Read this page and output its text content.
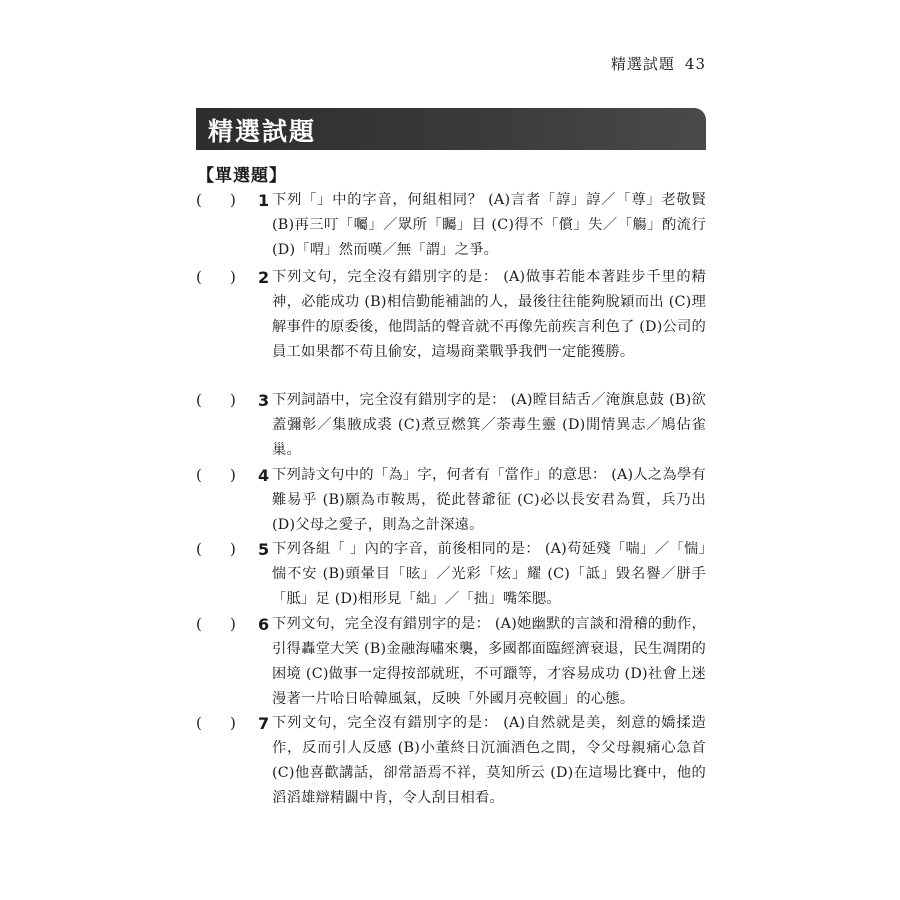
精選試題 43
精選試題
【單選題】
( ) 1 下列「」中的字音，何組相同？ (A)言者「諄」諄／「尊」老敬賢 (B)再三叮「囑」／眾所「矚」目 (C)得不「償」失／「觴」酌流行 (D)「喟」然而嘆／無「謂」之爭。
( ) 2 下列文句，完全沒有錯別字的是： (A)做事若能本著跬步千里的精神，必能成功 (B)相信勤能補詘的人，最後往往能夠脫穎而出 (C)理解事件的原委後，他問話的聲音就不再像先前疾言利色了 (D)公司的員工如果都不苟且偷安，這場商業戰爭我們一定能獲勝。
( ) 3 下列詞語中，完全沒有錯別字的是： (A)瞠目結舌／淹旗息鼓 (B)欲蓋彌彰／集腋成裘 (C)煮豆燃箕／荼毒生靈 (D)閒情異志／鳩佔雀巢。
( ) 4 下列詩文句中的「為」字，何者有「當作」的意思： (A)人之為學有難易乎 (B)願為市鞍馬，從此替爺征 (C)必以長安君為質，兵乃出 (D)父母之愛子，則為之計深遠。
( ) 5 下列各組「 」內的字音，前後相同的是： (A)苟延殘「喘」／「惴」惴不安 (B)頭暈目「眩」／光彩「炫」耀 (C)「詆」毀名譽／胼手「胝」足 (D)相形見「絀」／「拙」嘴笨腮。
( ) 6 下列文句，完全沒有錯別字的是： (A)她幽默的言談和滑稽的動作，引得轟堂大笑 (B)金融海嘯來襲，多國都面臨經濟衰退，民生凋閉的困境 (C)做事一定得按部就班，不可躐等，才容易成功 (D)社會上迷漫著一片哈日哈韓風氣，反映「外國月亮較圓」的心態。
( ) 7 下列文句，完全沒有錯別字的是： (A)自然就是美，刻意的嬌揉造作，反而引人反感 (B)小董終日沉湎酒色之間，令父母親痛心急首 (C)他喜歡講話，卻常語焉不祥，莫知所云 (D)在這場比賽中，他的滔滔雄辯精闢中肯，令人刮目相看。
